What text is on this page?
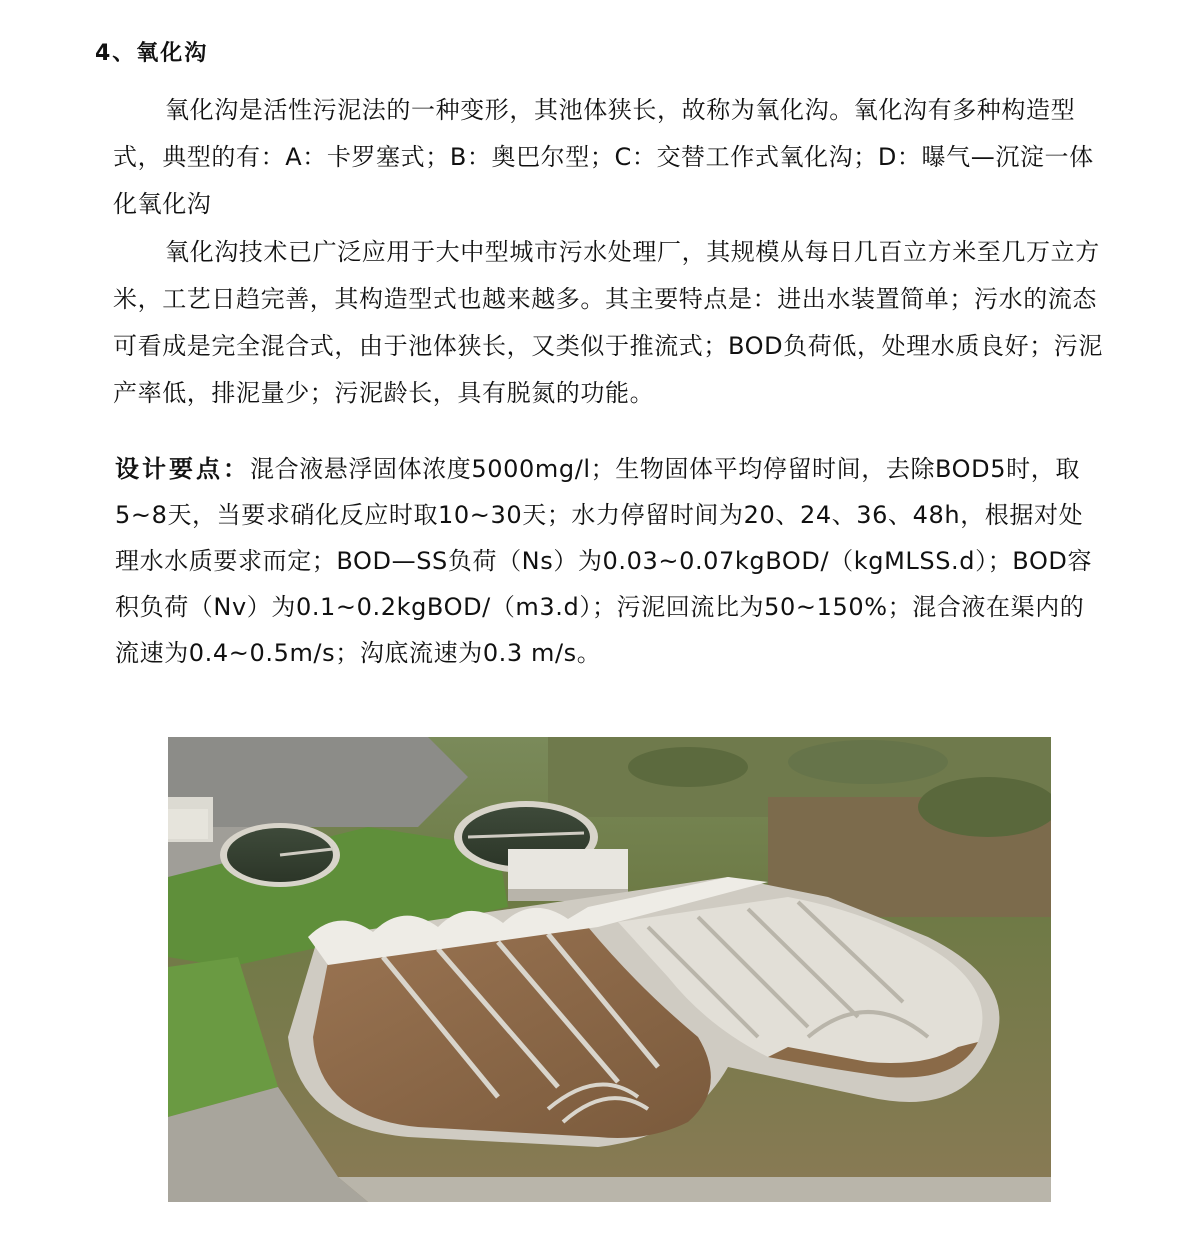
4、氧化沟

氧化沟是活性污泥法的一种变形，其池体狭长，故称为氧化沟。氧化沟有多种构造型式，典型的有：A：卡罗塞式；B：奥巴尔型；C：交替工作式氧化沟；D：曝气—沉淀一体化氧化沟

氧化沟技术已广泛应用于大中型城市污水处理厂，其规模从每日几百立方米至几万立方米，工艺日趋完善，其构造型式也越来越多。其主要特点是：进出水装置简单；污水的流态可看成是完全混合式，由于池体狭长，又类似于推流式；BOD负荷低，处理水质良好；污泥产率低，排泥量少；污泥龄长，具有脱氮的功能。

设计要点：混合液悬浮固体浓度5000mg/l；生物固体平均停留时间，去除BOD5时，取5~8天，当要求硝化反应时取10~30天；水力停留时间为20、24、36、48h，根据对处理水水质要求而定；BOD—SS负荷（Ns）为0.03~0.07kgBOD/（kgMLSS.d）；BOD容积负荷（Nv）为0.1~0.2kgBOD/（m3.d）；污泥回流比为50~150%；混合液在渠内的流速为0.4~0.5m/s；沟底流速为0.3 m/s。
